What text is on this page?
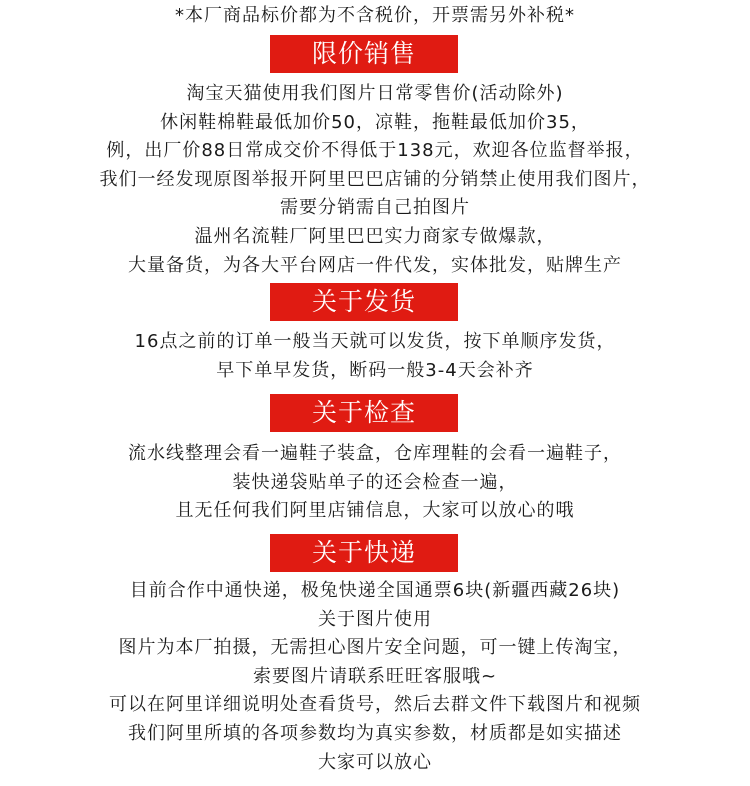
*本厂商品标价都为不含税价，开票需另外补税*
限价销售
淘宝天猫使用我们图片日常零售价(活动除外)
休闲鞋棉鞋最低加价50，凉鞋，拖鞋最低加价35，
例，出厂价88日常成交价不得低于138元，欢迎各位监督举报，
我们一经发现原图举报开阿里巴巴店铺的分销禁止使用我们图片，
需要分销需自己拍图片
温州名流鞋厂阿里巴巴实力商家专做爆款，
大量备货，为各大平台网店一件代发，实体批发，贴牌生产
关于发货
16点之前的订单一般当天就可以发货，按下单顺序发货，
早下单早发货，断码一般3-4天会补齐
关于检查
流水线整理会看一遍鞋子装盒，仓库理鞋的会看一遍鞋子，
装快递袋贴单子的还会检查一遍，
且无任何我们阿里店铺信息，大家可以放心的哦
关于快递
目前合作中通快递，极兔快递全国通票6块(新疆西藏26块)
关于图片使用
图片为本厂拍摄，无需担心图片安全问题，可一键上传淘宝，
索要图片请联系旺旺客服哦~
可以在阿里详细说明处查看货号，然后去群文件下载图片和视频
我们阿里所填的各项参数均为真实参数，材质都是如实描述
大家可以放心
